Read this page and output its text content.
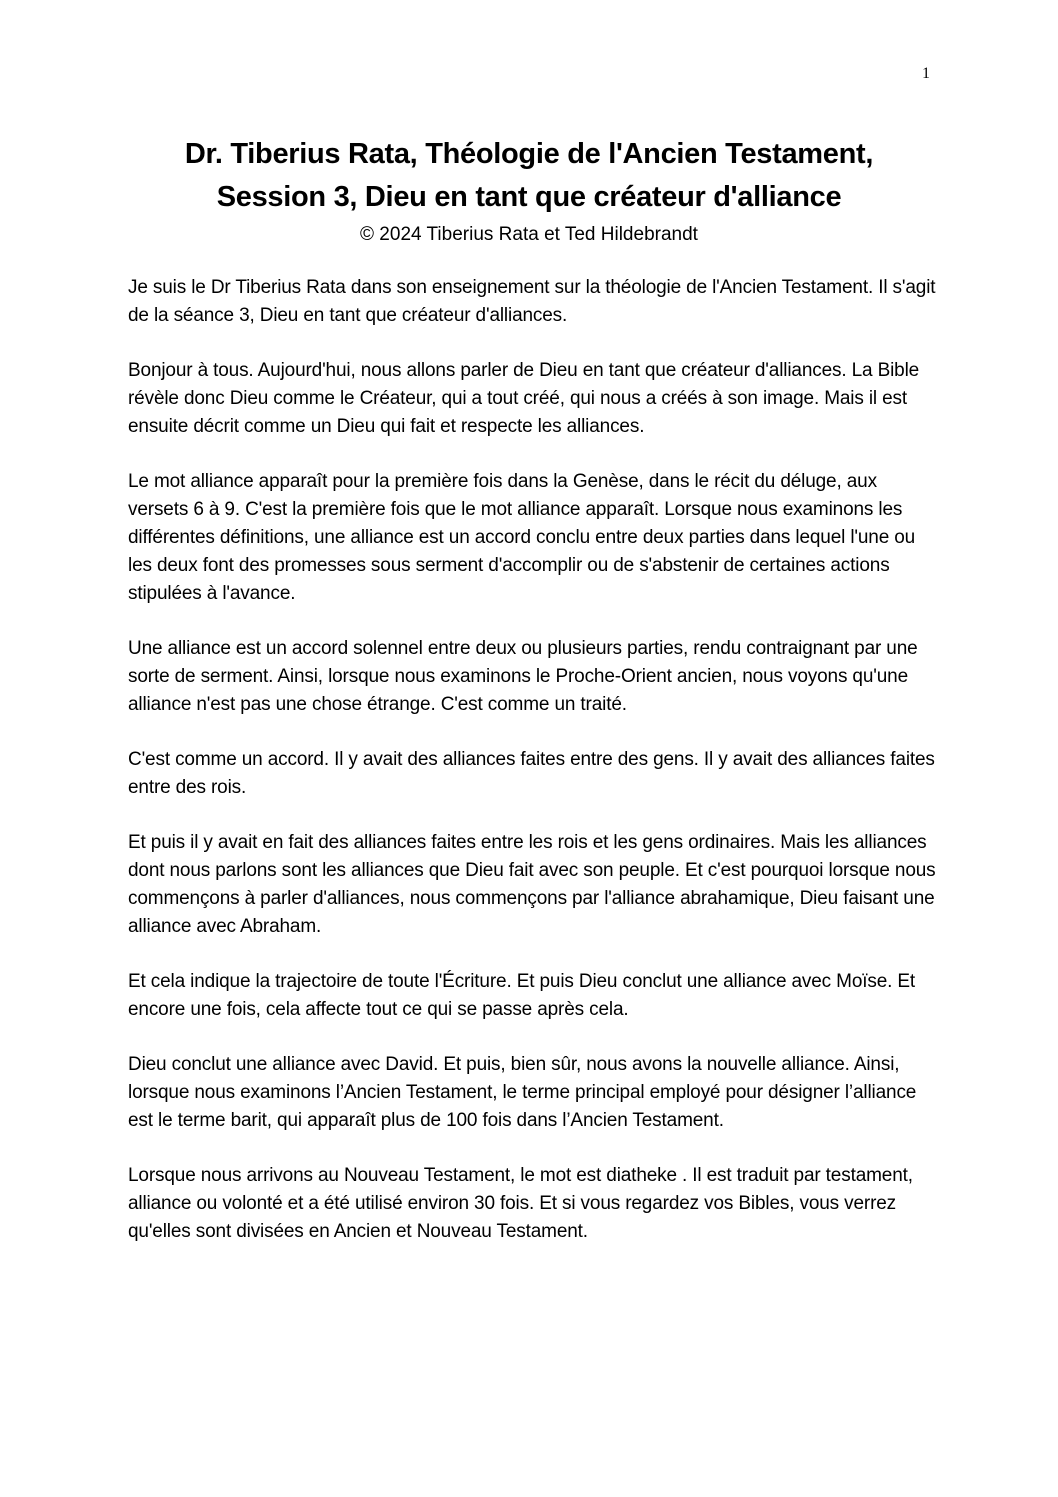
1
Dr. Tiberius Rata, Théologie de l'Ancien Testament,
Session 3, Dieu en tant que créateur d'alliance
© 2024 Tiberius Rata et Ted Hildebrandt

Je suis le Dr Tiberius Rata dans son enseignement sur la théologie de l'Ancien Testament. Il s'agit de la séance 3, Dieu en tant que créateur d'alliances.

Bonjour à tous. Aujourd'hui, nous allons parler de Dieu en tant que créateur d'alliances. La Bible révèle donc Dieu comme le Créateur, qui a tout créé, qui nous a créés à son image. Mais il est ensuite décrit comme un Dieu qui fait et respecte les alliances.

Le mot alliance apparaît pour la première fois dans la Genèse, dans le récit du déluge, aux versets 6 à 9. C'est la première fois que le mot alliance apparaît. Lorsque nous examinons les différentes définitions, une alliance est un accord conclu entre deux parties dans lequel l'une ou les deux font des promesses sous serment d'accomplir ou de s'abstenir de certaines actions stipulées à l'avance.

Une alliance est un accord solennel entre deux ou plusieurs parties, rendu contraignant par une sorte de serment. Ainsi, lorsque nous examinons le Proche-Orient ancien, nous voyons qu'une alliance n'est pas une chose étrange. C'est comme un traité.

C'est comme un accord. Il y avait des alliances faites entre des gens. Il y avait des alliances faites entre des rois.

Et puis il y avait en fait des alliances faites entre les rois et les gens ordinaires. Mais les alliances dont nous parlons sont les alliances que Dieu fait avec son peuple. Et c'est pourquoi lorsque nous commençons à parler d'alliances, nous commençons par l'alliance abrahamique, Dieu faisant une alliance avec Abraham.

Et cela indique la trajectoire de toute l'Écriture. Et puis Dieu conclut une alliance avec Moïse. Et encore une fois, cela affecte tout ce qui se passe après cela.

Dieu conclut une alliance avec David. Et puis, bien sûr, nous avons la nouvelle alliance. Ainsi, lorsque nous examinons l’Ancien Testament, le terme principal employé pour désigner l’alliance est le terme barit, qui apparaît plus de 100 fois dans l’Ancien Testament.

Lorsque nous arrivons au Nouveau Testament, le mot est diatheke . Il est traduit par testament, alliance ou volonté et a été utilisé environ 30 fois. Et si vous regardez vos Bibles, vous verrez qu'elles sont divisées en Ancien et Nouveau Testament.
